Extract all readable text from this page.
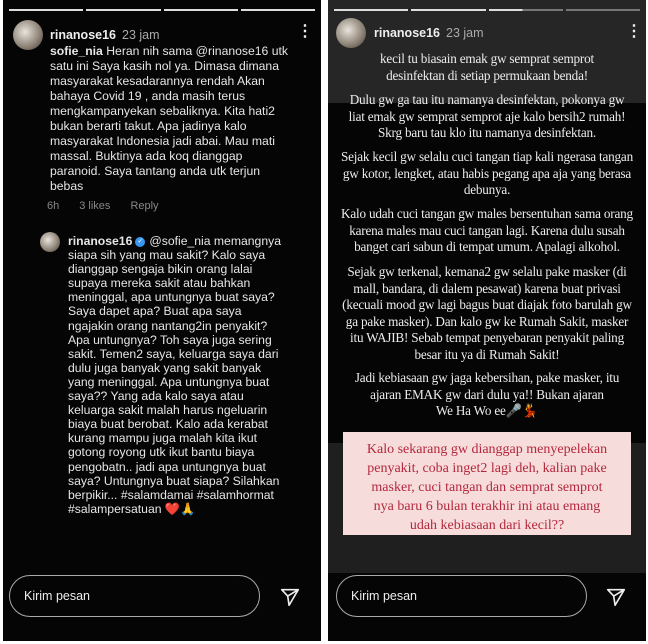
rinanose16 23 jam	⋮
sofie_nia Heran nih sama @rinanose16 utk
satu ini Saya kasih nol ya. Dimasa dimana
masyarakat kesadarannya rendah Akan
bahaya Covid 19 , anda masih terus
mengkampanyekan sebaliknya. Kita hati2
bukan berarti takut. Apa jadinya kalo
masyarakat Indonesia jadi abai. Mau mati
massal. Buktinya ada koq dianggap
paranoid. Saya tantang anda utk terjun
bebas
6h 3 likes Reply
rinanose16 ✓ @sofie_nia memangnya
siapa sih yang mau sakit? Kalo saya
dianggap sengaja bikin orang lalai
supaya mereka sakit atau bahkan
meninggal, apa untungnya buat saya?
Saya dapet apa? Buat apa saya
ngajakin orang nantang2in penyakit?
Apa untungnya? Toh saya juga sering
sakit. Temen2 saya, keluarga saya dari
dulu juga banyak yang sakit banyak
yang meninggal. Apa untungnya buat
saya?? Yang ada kalo saya atau
keluarga sakit malah harus ngeluarin
biaya buat berobat. Kalo ada kerabat
kurang mampu juga malah kita ikut
gotong royong utk ikut bantu biaya
pengobatn.. jadi apa untungnya buat
saya? Untungnya buat siapa? Silahkan
berpikir... #salamdamai #salamhormat
#salampersatuan ❤️🙏
Kirim pesan
rinanose16 23 jam	⋮
kecil tu biasain emak gw semprat semprot
desinfektan di setiap permukaan benda!
Dulu gw ga tau itu namanya desinfektan, pokonya gw
liat emak gw semprat semprot aje kalo bersih2 rumah!
Skrg baru tau klo itu namanya desinfektan.
Sejak kecil gw selalu cuci tangan tiap kali ngerasa tangan
gw kotor, lengket, atau habis pegang apa aja yang berasa
debunya.
Kalo udah cuci tangan gw males bersentuhan sama orang
karena males mau cuci tangan lagi. Karena dulu susah
banget cari sabun di tempat umum. Apalagi alkohol.
Sejak gw terkenal, kemana2 gw selalu pake masker (di
mall, bandara, di dalem pesawat) karena buat privasi
(kecuali mood gw lagi bagus buat diajak foto barulah gw
ga pake masker). Dan kalo gw ke Rumah Sakit, masker
itu WAJIB! Sebab tempat penyebaran penyakit paling
besar itu ya di Rumah Sakit!
Jadi kebiasaan gw jaga kebersihan, pake masker, itu
ajaran EMAK gw dari dulu ya!! Bukan ajaran
We Ha Wo ee🎤💃
Kalo sekarang gw dianggap menyepelekan
penyakit, coba inget2 lagi deh, kalian pake
masker, cuci tangan dan semprat semprot
nya baru 6 bulan terakhir ini atau emang
udah kebiasaan dari kecil??
Kirim pesan
